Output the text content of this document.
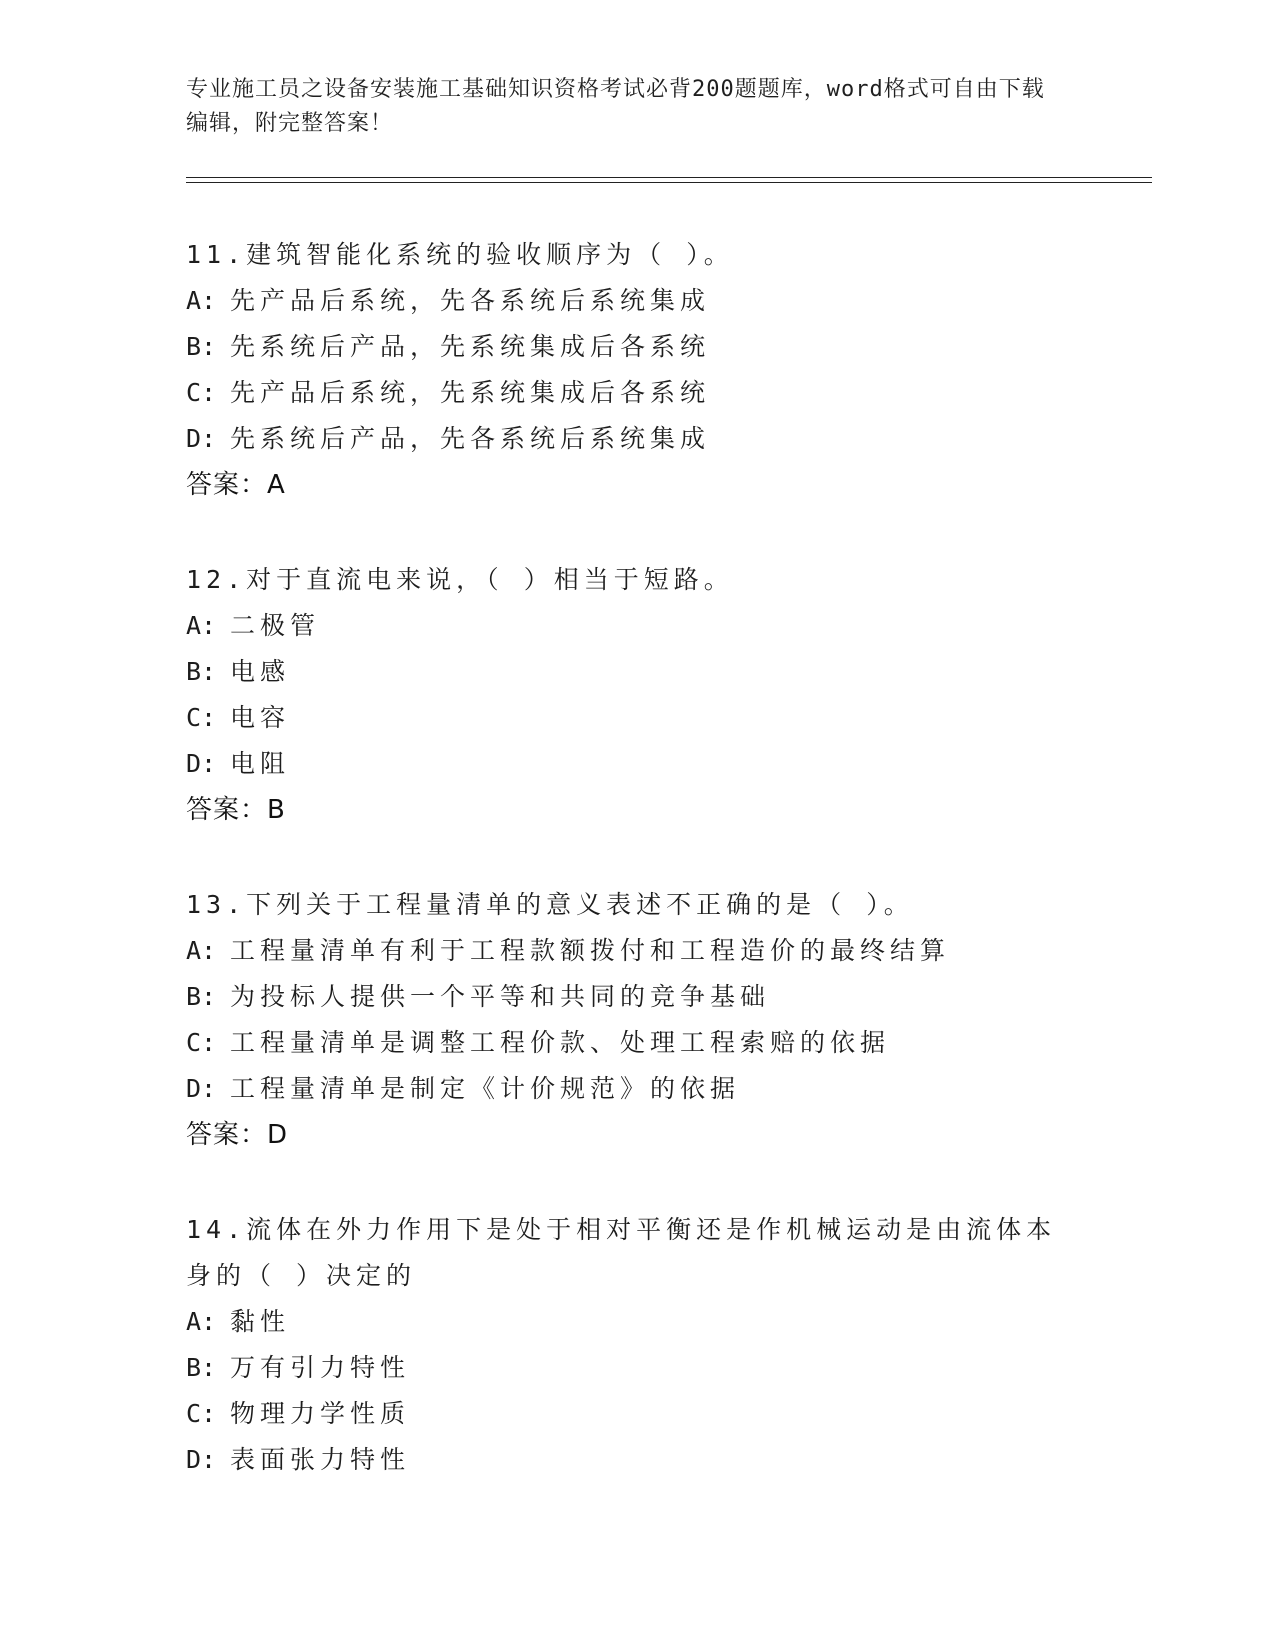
专业施工员之设备安装施工基础知识资格考试必背200题题库，word格式可自由下载编辑，附完整答案！
11.建筑智能化系统的验收顺序为（ ）。
A: 先产品后系统，先各系统后系统集成
B: 先系统后产品，先系统集成后各系统
C: 先产品后系统，先系统集成后各系统
D: 先系统后产品，先各系统后系统集成
答案：A
12.对于直流电来说，（ ）相当于短路。
A: 二极管
B: 电感
C: 电容
D: 电阻
答案：B
13.下列关于工程量清单的意义表述不正确的是（ ）。
A: 工程量清单有利于工程款额拨付和工程造价的最终结算
B: 为投标人提供一个平等和共同的竞争基础
C: 工程量清单是调整工程价款、处理工程索赔的依据
D: 工程量清单是制定《计价规范》的依据
答案：D
14.流体在外力作用下是处于相对平衡还是作机械运动是由流体本身的（ ）决定的
A: 黏性
B: 万有引力特性
C: 物理力学性质
D: 表面张力特性
